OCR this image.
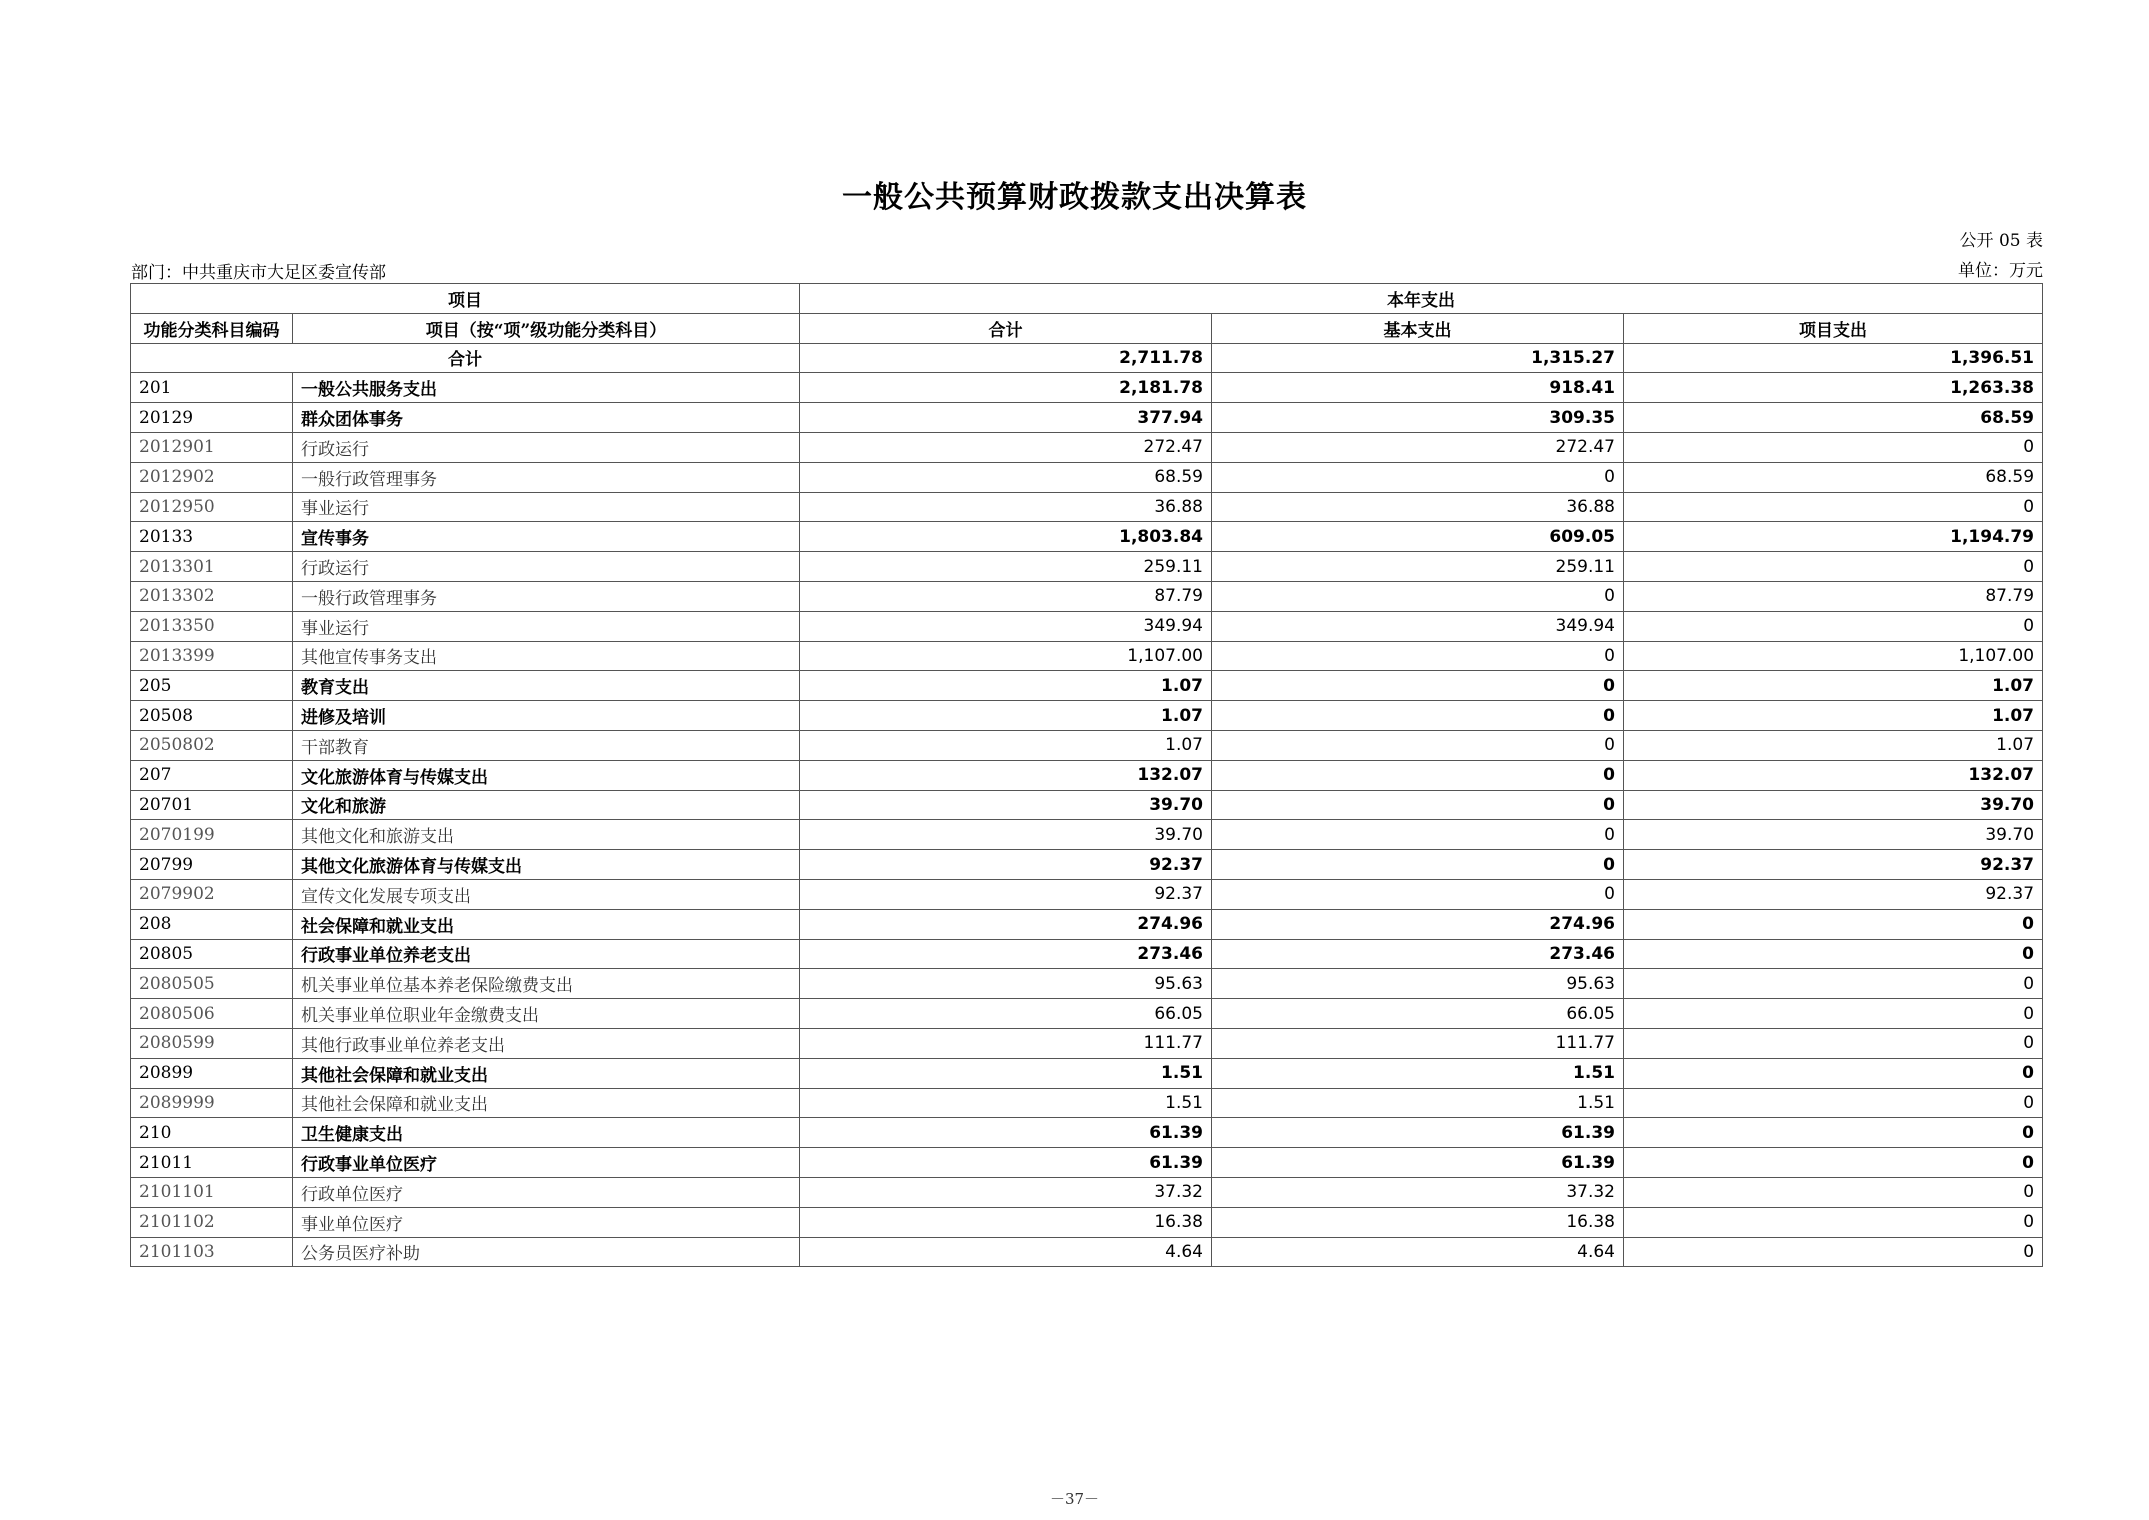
一般公共预算财政拨款支出决算表
公开 05 表
部门：中共重庆市大足区委宣传部	单位：万元
项目		本年支出		
功能分类科目编码	项目（按“项”级功能分类科目）	合计	基本支出	项目支出
合计		2,711.78	1,315.27	1,396.51
201	一般公共服务支出	2,181.78	918.41	1,263.38
20129	群众团体事务	377.94	309.35	68.59
2012901	行政运行	272.47	272.47	0
2012902	一般行政管理事务	68.59	0	68.59
2012950	事业运行	36.88	36.88	0
20133	宣传事务	1,803.84	609.05	1,194.79
2013301	行政运行	259.11	259.11	0
2013302	一般行政管理事务	87.79	0	87.79
2013350	事业运行	349.94	349.94	0
2013399	其他宣传事务支出	1,107.00	0	1,107.00
205	教育支出	1.07	0	1.07
20508	进修及培训	1.07	0	1.07
2050802	干部教育	1.07	0	1.07
207	文化旅游体育与传媒支出	132.07	0	132.07
20701	文化和旅游	39.70	0	39.70
2070199	其他文化和旅游支出	39.70	0	39.70
20799	其他文化旅游体育与传媒支出	92.37	0	92.37
2079902	宣传文化发展专项支出	92.37	0	92.37
208	社会保障和就业支出	274.96	274.96	0
20805	行政事业单位养老支出	273.46	273.46	0
2080505	机关事业单位基本养老保险缴费支出	95.63	95.63	0
2080506	机关事业单位职业年金缴费支出	66.05	66.05	0
2080599	其他行政事业单位养老支出	111.77	111.77	0
20899	其他社会保障和就业支出	1.51	1.51	0
2089999	其他社会保障和就业支出	1.51	1.51	0
210	卫生健康支出	61.39	61.39	0
21011	行政事业单位医疗	61.39	61.39	0
2101101	行政单位医疗	37.32	37.32	0
2101102	事业单位医疗	16.38	16.38	0
2101103	公务员医疗补助	4.64	4.64	0
－37－
